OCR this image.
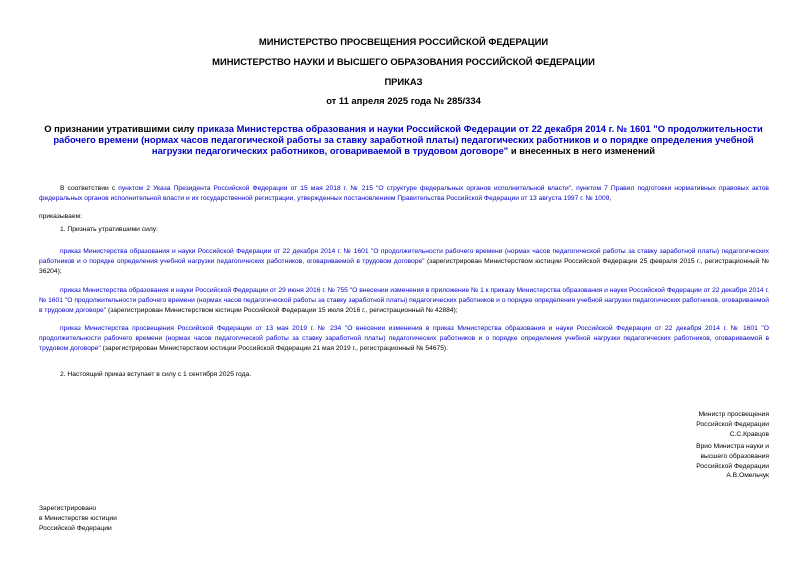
МИНИСТЕРСТВО ПРОСВЕЩЕНИЯ РОССИЙСКОЙ ФЕДЕРАЦИИ
МИНИСТЕРСТВО НАУКИ И ВЫСШЕГО ОБРАЗОВАНИЯ РОССИЙСКОЙ ФЕДЕРАЦИИ
ПРИКАЗ
от 11 апреля 2025 года № 285/334
О признании утратившими силу приказа Министерства образования и науки Российской Федерации от 22 декабря 2014 г. № 1601 "О продолжительности рабочего времени (нормах часов педагогической работы за ставку заработной платы) педагогических работников и о порядке определения учебной нагрузки педагогических работников, оговариваемой в трудовом договоре" и внесенных в него изменений

В соответствии с пунктом 2 Указа Президента Российской Федерации от 15 мая 2018 г. № 215 "О структуре федеральных органов исполнительной власти", пунктом 7 Правил подготовки нормативных правовых актов федеральных органов исполнительной власти и их государственной регистрации, утвержденных постановлением Правительства Российской Федерации от 13 августа 1997 г. № 1009,

приказываем:
1. Признать утратившими силу:

приказ Министерства образования и науки Российской Федерации от 22 декабря 2014 г. № 1601 "О продолжительности рабочего времени (нормах часов педагогической работы за ставку заработной платы) педагогических работников и о порядке определения учебной нагрузки педагогических работников, оговариваемой в трудовом договоре" (зарегистрирован Министерством юстиции Российской Федерации 25 февраля 2015 г., регистрационный № 36204);

приказ Министерства образования и науки Российской Федерации от 29 июня 2016 г. № 755 "О внесении изменения в приложение № 1 к приказу Министерства образования и науки Российской Федерации от 22 декабря 2014 г. № 1601 "О продолжительности рабочего времени (нормах часов педагогической работы за ставку заработной платы) педагогических работников и о порядке определения учебной нагрузки педагогических работников, оговариваемой в трудовом договоре" (зарегистрирован Министерством юстиции Российской Федерации 15 июля 2016 г., регистрационный № 42884);

приказ Министерства просвещения Российской Федерации от 13 мая 2019 г. № 234 "О внесении изменения в приказ Министерства образования и науки Российской Федерации от 22 декабря 2014 г. № 1601 "О продолжительности рабочего времени (нормах часов педагогической работы за ставку заработной платы) педагогических работников и о порядке определения учебной нагрузки педагогических работников, оговариваемой в трудовом договоре" (зарегистрирован Министерством юстиции Российской Федерации 21 мая 2019 г., регистрационный № 54675).

2. Настоящий приказ вступает в силу с 1 сентября 2025 года.
Министр просвещения
Российской Федерации
С.С.Кравцов
Врио Министра науки и
высшего образования
Российской Федерации
А.В.Омельчук
Зарегистрировано
в Министерстве юстиции
Российской Федерации
